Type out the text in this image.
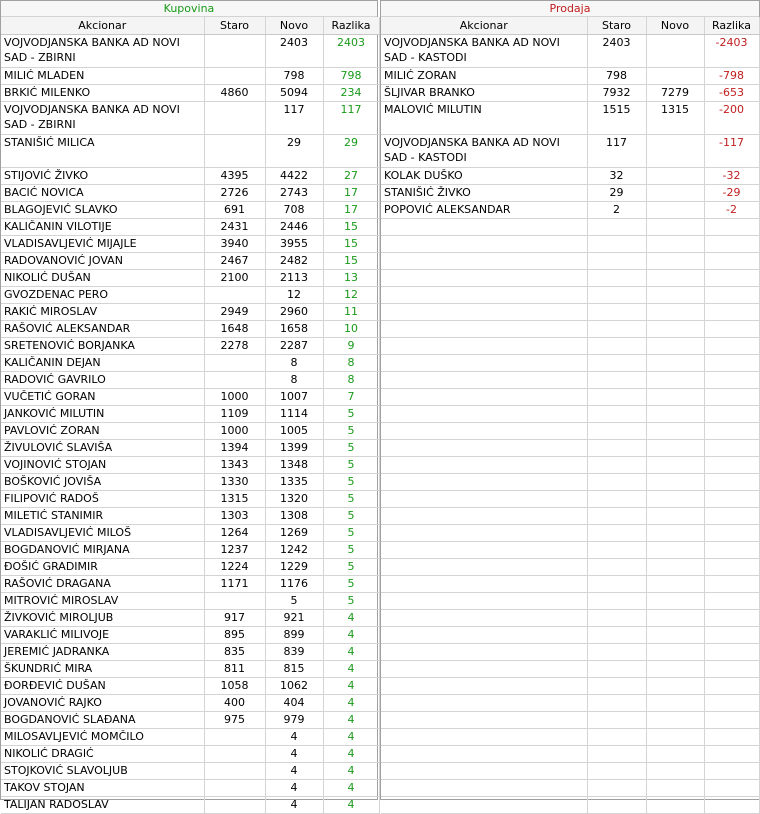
Kupovina
Akcionar	Staro	Novo	Razlika
VOJVODJANSKA BANKA AD NOVI SAD - ZBIRNI		2403	2403
MILIĆ MLADEN		798	798
BRKIĆ MILENKO	4860	5094	234
VOJVODJANSKA BANKA AD NOVI SAD - ZBIRNI		117	117
STANIŠIĆ MILICA		29	29
STIJOVIĆ ŽIVKO	4395	4422	27
BACIĆ NOVICA	2726	2743	17
BLAGOJEVIĆ SLAVKO	691	708	17
KALIČANIN VILOTIJE	2431	2446	15
VLADISAVLJEVIĆ MIJAJLE	3940	3955	15
RADOVANOVIĆ JOVAN	2467	2482	15
NIKOLIĆ DUŠAN	2100	2113	13
GVOZDENAC PERO		12	12
RAKIĆ MIROSLAV	2949	2960	11
RAŠOVIĆ ALEKSANDAR	1648	1658	10
SRETENOVIĆ BORJANKA	2278	2287	9
KALIČANIN DEJAN		8	8
RADOVIĆ GAVRILO		8	8
VUČETIĆ GORAN	1000	1007	7
JANKOVIĆ MILUTIN	1109	1114	5
PAVLOVIĆ ZORAN	1000	1005	5
ŽIVULOVIĆ SLAVIŠA	1394	1399	5
VOJINOVIĆ STOJAN	1343	1348	5
BOŠKOVIĆ JOVIŠA	1330	1335	5
FILIPOVIĆ RADOŠ	1315	1320	5
MILETIĆ STANIMIR	1303	1308	5
VLADISAVLJEVIĆ MILOŠ	1264	1269	5
BOGDANOVIĆ MIRJANA	1237	1242	5
ĐOŠIĆ GRADIMIR	1224	1229	5
RAŠOVIĆ DRAGANA	1171	1176	5
MITROVIĆ MIROSLAV		5	5
ŽIVKOVIĆ MIROLJUB	917	921	4
VARAKLIĆ MILIVOJE	895	899	4
JEREMIĆ JADRANKA	835	839	4
ŠKUNDRIĆ MIRA	811	815	4
ĐORĐEVIĆ DUŠAN	1058	1062	4
JOVANOVIĆ RAJKO	400	404	4
BOGDANOVIĆ SLAĐANA	975	979	4
MILOSAVLJEVIĆ MOMČILO		4	4
NIKOLIĆ DRAGIĆ		4	4
STOJKOVIĆ SLAVOLJUB		4	4
TAKOV STOJAN		4	4
TALIJAN RADOSLAV		4	4
Prodaja
Akcionar	Staro	Novo	Razlika
VOJVODJANSKA BANKA AD NOVI SAD - KASTODI	2403		-2403
MILIĆ ZORAN	798		-798
ŠLJIVAR BRANKO	7932	7279	-653
MALOVIĆ MILUTIN	1515	1315	-200
VOJVODJANSKA BANKA AD NOVI SAD - KASTODI	117		-117
KOLAK DUŠKO	32		-32
STANIŠIĆ ŽIVKO	29		-29
POPOVIĆ ALEKSANDAR	2		-2
